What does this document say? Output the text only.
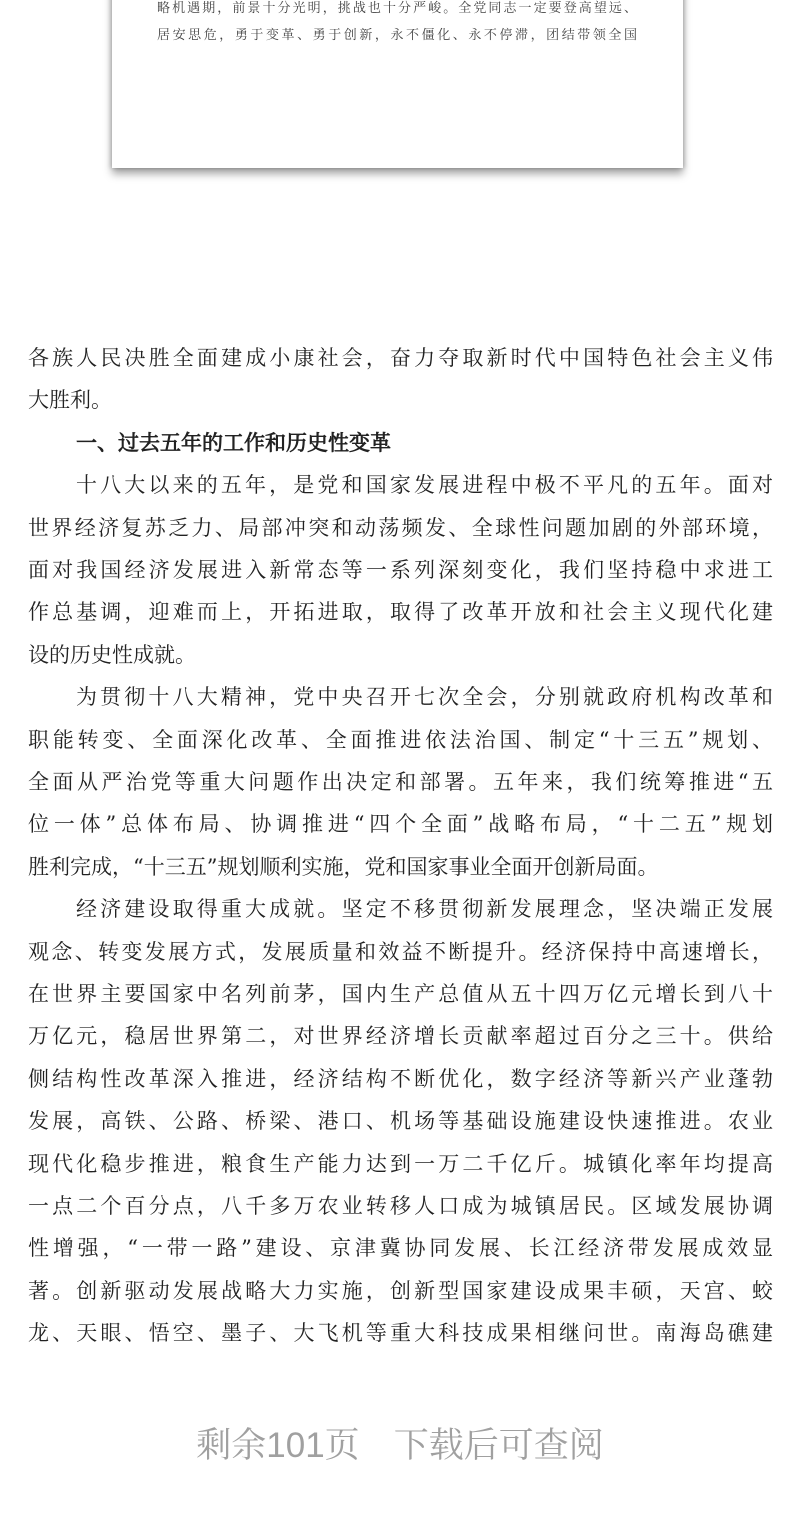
略机遇期，前景十分光明，挑战也十分严峻。全党同志一定要登高望远、
居安思危，勇于变革、勇于创新，永不僵化、永不停滞，团结带领全国
各族人民决胜全面建成小康社会，奋力夺取新时代中国特色社会主义伟
大胜利。
一、过去五年的工作和历史性变革
十八大以来的五年，是党和国家发展进程中极不平凡的五年。面对
世界经济复苏乏力、局部冲突和动荡频发、全球性问题加剧的外部环境，
面对我国经济发展进入新常态等一系列深刻变化，我们坚持稳中求进工
作总基调，迎难而上，开拓进取，取得了改革开放和社会主义现代化建
设的历史性成就。
为贯彻十八大精神，党中央召开七次全会，分别就政府机构改革和
职能转变、全面深化改革、全面推进依法治国、制定“十三五”规划、
全面从严治党等重大问题作出决定和部署。五年来，我们统筹推进“五
位一体”总体布局、协调推进“四个全面”战略布局，“十二五”规划
胜利完成，“十三五”规划顺利实施，党和国家事业全面开创新局面。
经济建设取得重大成就。坚定不移贯彻新发展理念，坚决端正发展
观念、转变发展方式，发展质量和效益不断提升。经济保持中高速增长，
在世界主要国家中名列前茅，国内生产总值从五十四万亿元增长到八十
万亿元，稳居世界第二，对世界经济增长贡献率超过百分之三十。供给
侧结构性改革深入推进，经济结构不断优化，数字经济等新兴产业蓬勃
发展，高铁、公路、桥梁、港口、机场等基础设施建设快速推进。农业
现代化稳步推进，粮食生产能力达到一万二千亿斤。城镇化率年均提高
一点二个百分点，八千多万农业转移人口成为城镇居民。区域发展协调
性增强，“一带一路”建设、京津冀协同发展、长江经济带发展成效显
著。创新驱动发展战略大力实施，创新型国家建设成果丰硕，天宫、蛟
龙、天眼、悟空、墨子、大飞机等重大科技成果相继问世。南海岛礁建
剩余101页 下载后可查阅
